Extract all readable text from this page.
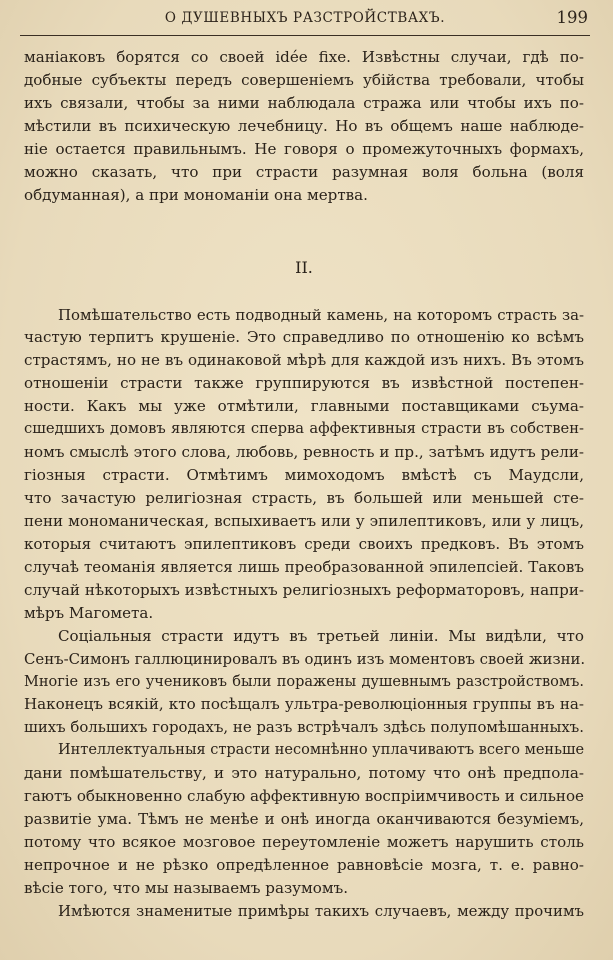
О ДУШЕВНЫХЪ РАЗСТРОЙСТВАХЪ.	199
маніаковъ борятся со своей idée fixe. Извѣстны случаи, гдѣ по-
добные субъекты передъ совершеніемъ убійства требовали, чтобы
ихъ связали, чтобы за ними наблюдала стража или чтобы ихъ по-
мѣстили въ психическую лечебницу. Но въ общемъ наше наблюде-
ніе остается правильнымъ. Не говоря о промежуточныхъ формахъ,
можно сказать, что при страсти разумная воля больна (воля
обдуманная), а при мономаніи она мертва.
II.
Помѣшательство есть подводный камень, на которомъ страсть за-
частую терпитъ крушеніе. Это справедливо по отношенію ко всѣмъ
страстямъ, но не въ одинаковой мѣрѣ для каждой изъ нихъ. Въ этомъ
отношеніи страсти также группируются въ извѣстной постепен-
ности. Какъ мы уже отмѣтили, главными поставщиками съума-
сшедшихъ домовъ являются сперва аффективныя страсти въ собствен-
номъ смыслѣ этого слова, любовь, ревность и пр., затѣмъ идутъ рели-
гіозныя страсти. Отмѣтимъ мимоходомъ вмѣстѣ съ Маудсли,
что зачастую религіозная страсть, въ большей или меньшей сте-
пени мономаническая, вспыхиваетъ или у эпилептиковъ, или у лицъ,
которыя считаютъ эпилептиковъ среди своихъ предковъ. Въ этомъ
случаѣ теоманія является лишь преобразованной эпилепсіей. Таковъ
случай нѣкоторыхъ извѣстныхъ религіозныхъ реформаторовъ, напри-
мѣръ Магомета.
Соціальныя страсти идутъ въ третьей линіи. Мы видѣли, что
Сенъ-Симонъ галлюцинировалъ въ одинъ изъ моментовъ своей жизни.
Многіе изъ его учениковъ были поражены душевнымъ разстройствомъ.
Наконецъ всякій, кто посѣщалъ ультра-революціонныя группы въ на-
шихъ большихъ городахъ, не разъ встрѣчалъ здѣсь полупомѣшанныхъ.
Интеллектуальныя страсти несомнѣнно уплачиваютъ всего меньше
дани помѣшательству, и это натурально, потому что онѣ предпола-
гаютъ обыкновенно слабую аффективную воспріимчивость и сильное
развитіе ума. Тѣмъ не менѣе и онѣ иногда оканчиваются безуміемъ,
потому что всякое мозговое переутомленіе можетъ нарушить столь
непрочное и не рѣзко опредѣленное равновѣсіе мозга, т. е. равно-
вѣсіе того, что мы называемъ разумомъ.
Имѣются знаменитые примѣры такихъ случаевъ, между прочимъ
